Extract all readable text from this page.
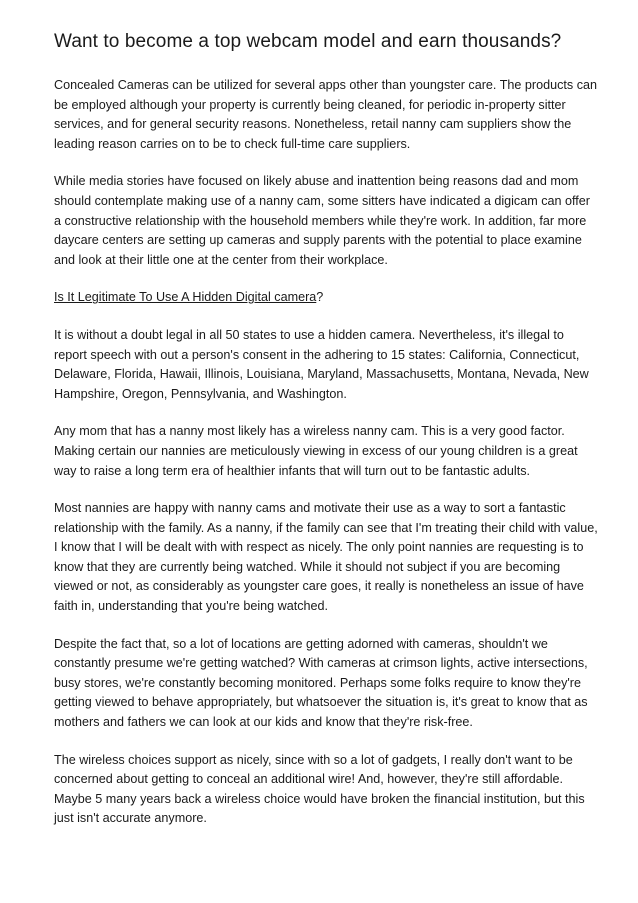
Want to become a top webcam model and earn thousands?

Concealed Cameras can be utilized for several apps other than youngster care. The products can be employed although your property is currently being cleaned, for periodic in-property sitter services, and for general security reasons. Nonetheless, retail nanny cam suppliers show the leading reason carries on to be to check full-time care suppliers.

While media stories have focused on likely abuse and inattention being reasons dad and mom should contemplate making use of a nanny cam, some sitters have indicated a digicam can offer a constructive relationship with the household members while they're work. In addition, far more daycare centers are setting up cameras and supply parents with the potential to place examine and look at their little one at the center from their workplace.

Is It Legitimate To Use A Hidden Digital camera?

It is without a doubt legal in all 50 states to use a hidden camera. Nevertheless, it's illegal to report speech with out a person's consent in the adhering to 15 states: California, Connecticut, Delaware, Florida, Hawaii, Illinois, Louisiana, Maryland, Massachusetts, Montana, Nevada, New Hampshire, Oregon, Pennsylvania, and Washington.

Any mom that has a nanny most likely has a wireless nanny cam. This is a very good factor. Making certain our nannies are meticulously viewing in excess of our young children is a great way to raise a long term era of healthier infants that will turn out to be fantastic adults.

Most nannies are happy with nanny cams and motivate their use as a way to sort a fantastic relationship with the family. As a nanny, if the family can see that I'm treating their child with value, I know that I will be dealt with with respect as nicely. The only point nannies are requesting is to know that they are currently being watched. While it should not subject if you are becoming viewed or not, as considerably as youngster care goes, it really is nonetheless an issue of have faith in, understanding that you're being watched.

Despite the fact that, so a lot of locations are getting adorned with cameras, shouldn't we constantly presume we're getting watched? With cameras at crimson lights, active intersections, busy stores, we're constantly becoming monitored. Perhaps some folks require to know they're getting viewed to behave appropriately, but whatsoever the situation is, it's great to know that as mothers and fathers we can look at our kids and know that they're risk-free.

The wireless choices support as nicely, since with so a lot of gadgets, I really don't want to be concerned about getting to conceal an additional wire! And, however, they're still affordable. Maybe 5 many years back a wireless choice would have broken the financial institution, but this just isn't accurate anymore.
